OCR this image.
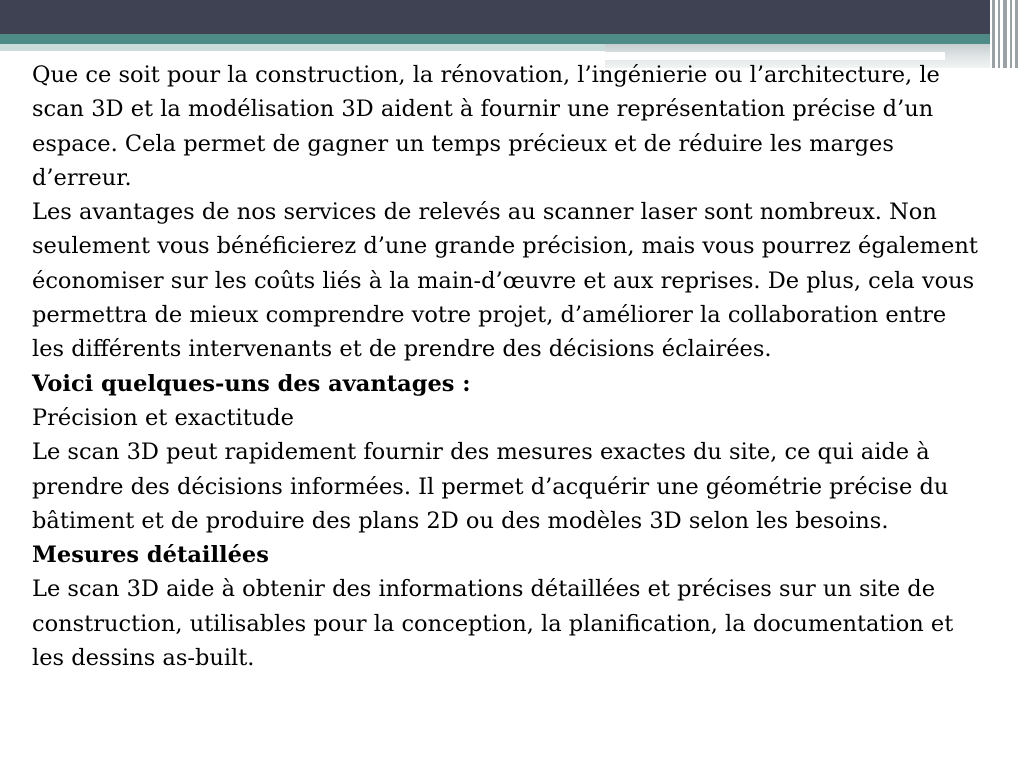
Que ce soit pour la construction, la rénovation, l’ingénierie ou l’architecture, le scan 3D et la modélisation 3D aident à fournir une représentation précise d’un espace. Cela permet de gagner un temps précieux et de réduire les marges d’erreur.

Les avantages de nos services de relevés au scanner laser sont nombreux. Non seulement vous bénéficierez d’une grande précision, mais vous pourrez également économiser sur les coûts liés à la main-d’œuvre et aux reprises. De plus, cela vous permettra de mieux comprendre votre projet, d’améliorer la collaboration entre les différents intervenants et de prendre des décisions éclairées.

Voici quelques-uns des avantages :

Précision et exactitude

Le scan 3D peut rapidement fournir des mesures exactes du site, ce qui aide à prendre des décisions informées. Il permet d’acquérir une géométrie précise du bâtiment et de produire des plans 2D ou des modèles 3D selon les besoins.

Mesures détaillées

Le scan 3D aide à obtenir des informations détaillées et précises sur un site de construction, utilisables pour la conception, la planification, la documentation et les dessins as-built.
